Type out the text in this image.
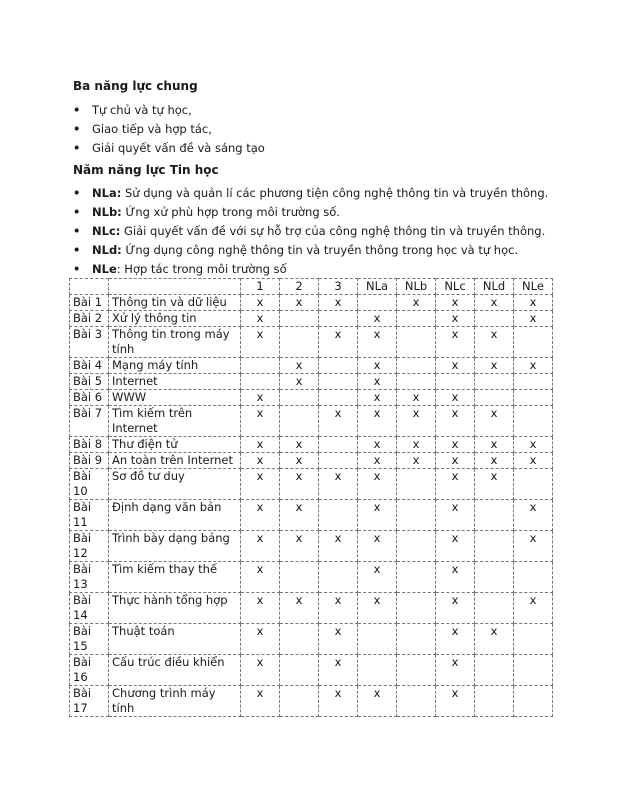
Ba năng lực chung

• Tự chủ và tự học,
• Giao tiếp và hợp tác,
• Giải quyết vấn đề và sáng tạo

Năm năng lực Tin học

• NLa: Sử dụng và quản lí các phương tiện công nghệ thông tin và truyền thông.
• NLb: Ứng xử phù hợp trong môi trường số.
• NLc: Giải quyết vấn đề với sự hỗ trợ của công nghệ thông tin và truyền thông.
• NLd: Ứng dụng công nghệ thông tin và truyền thông trong học và tự học.
• NLe: Hợp tác trong môi trường số
		1	2	3	NLa	NLb	NLc	NLd	NLe
Bài 1	Thông tin và dữ liệu	x	x	x		x	x	x	x
Bài 2	Xử lý thông tin	x			x		x		x
Bài 3	Thông tin trong máy tính	x		x	x		x	x	
Bài 4	Mạng máy tính		x		x		x	x	x
Bài 5	Internet		x		x				
Bài 6	WWW	x			x	x	x		
Bài 7	Tìm kiếm trên Internet	x		x	x	x	x	x	
Bài 8	Thư điện tử	x	x		x	x	x	x	x
Bài 9	An toàn trên Internet	x	x		x	x	x	x	x
Bài 10	Sơ đồ tư duy	x	x	x	x		x	x	
Bài 11	Định dạng văn bản	x	x		x		x		x
Bài 12	Trình bày dạng bảng	x	x	x	x		x		x
Bài 13	Tìm kiếm thay thế	x			x		x		
Bài 14	Thực hành tổng hợp	x	x	x	x		x		x
Bài 15	Thuật toán	x		x			x	x	
Bài 16	Cấu trúc điều khiển	x		x			x		
Bài 17	Chương trình máy tính	x		x	x		x		
